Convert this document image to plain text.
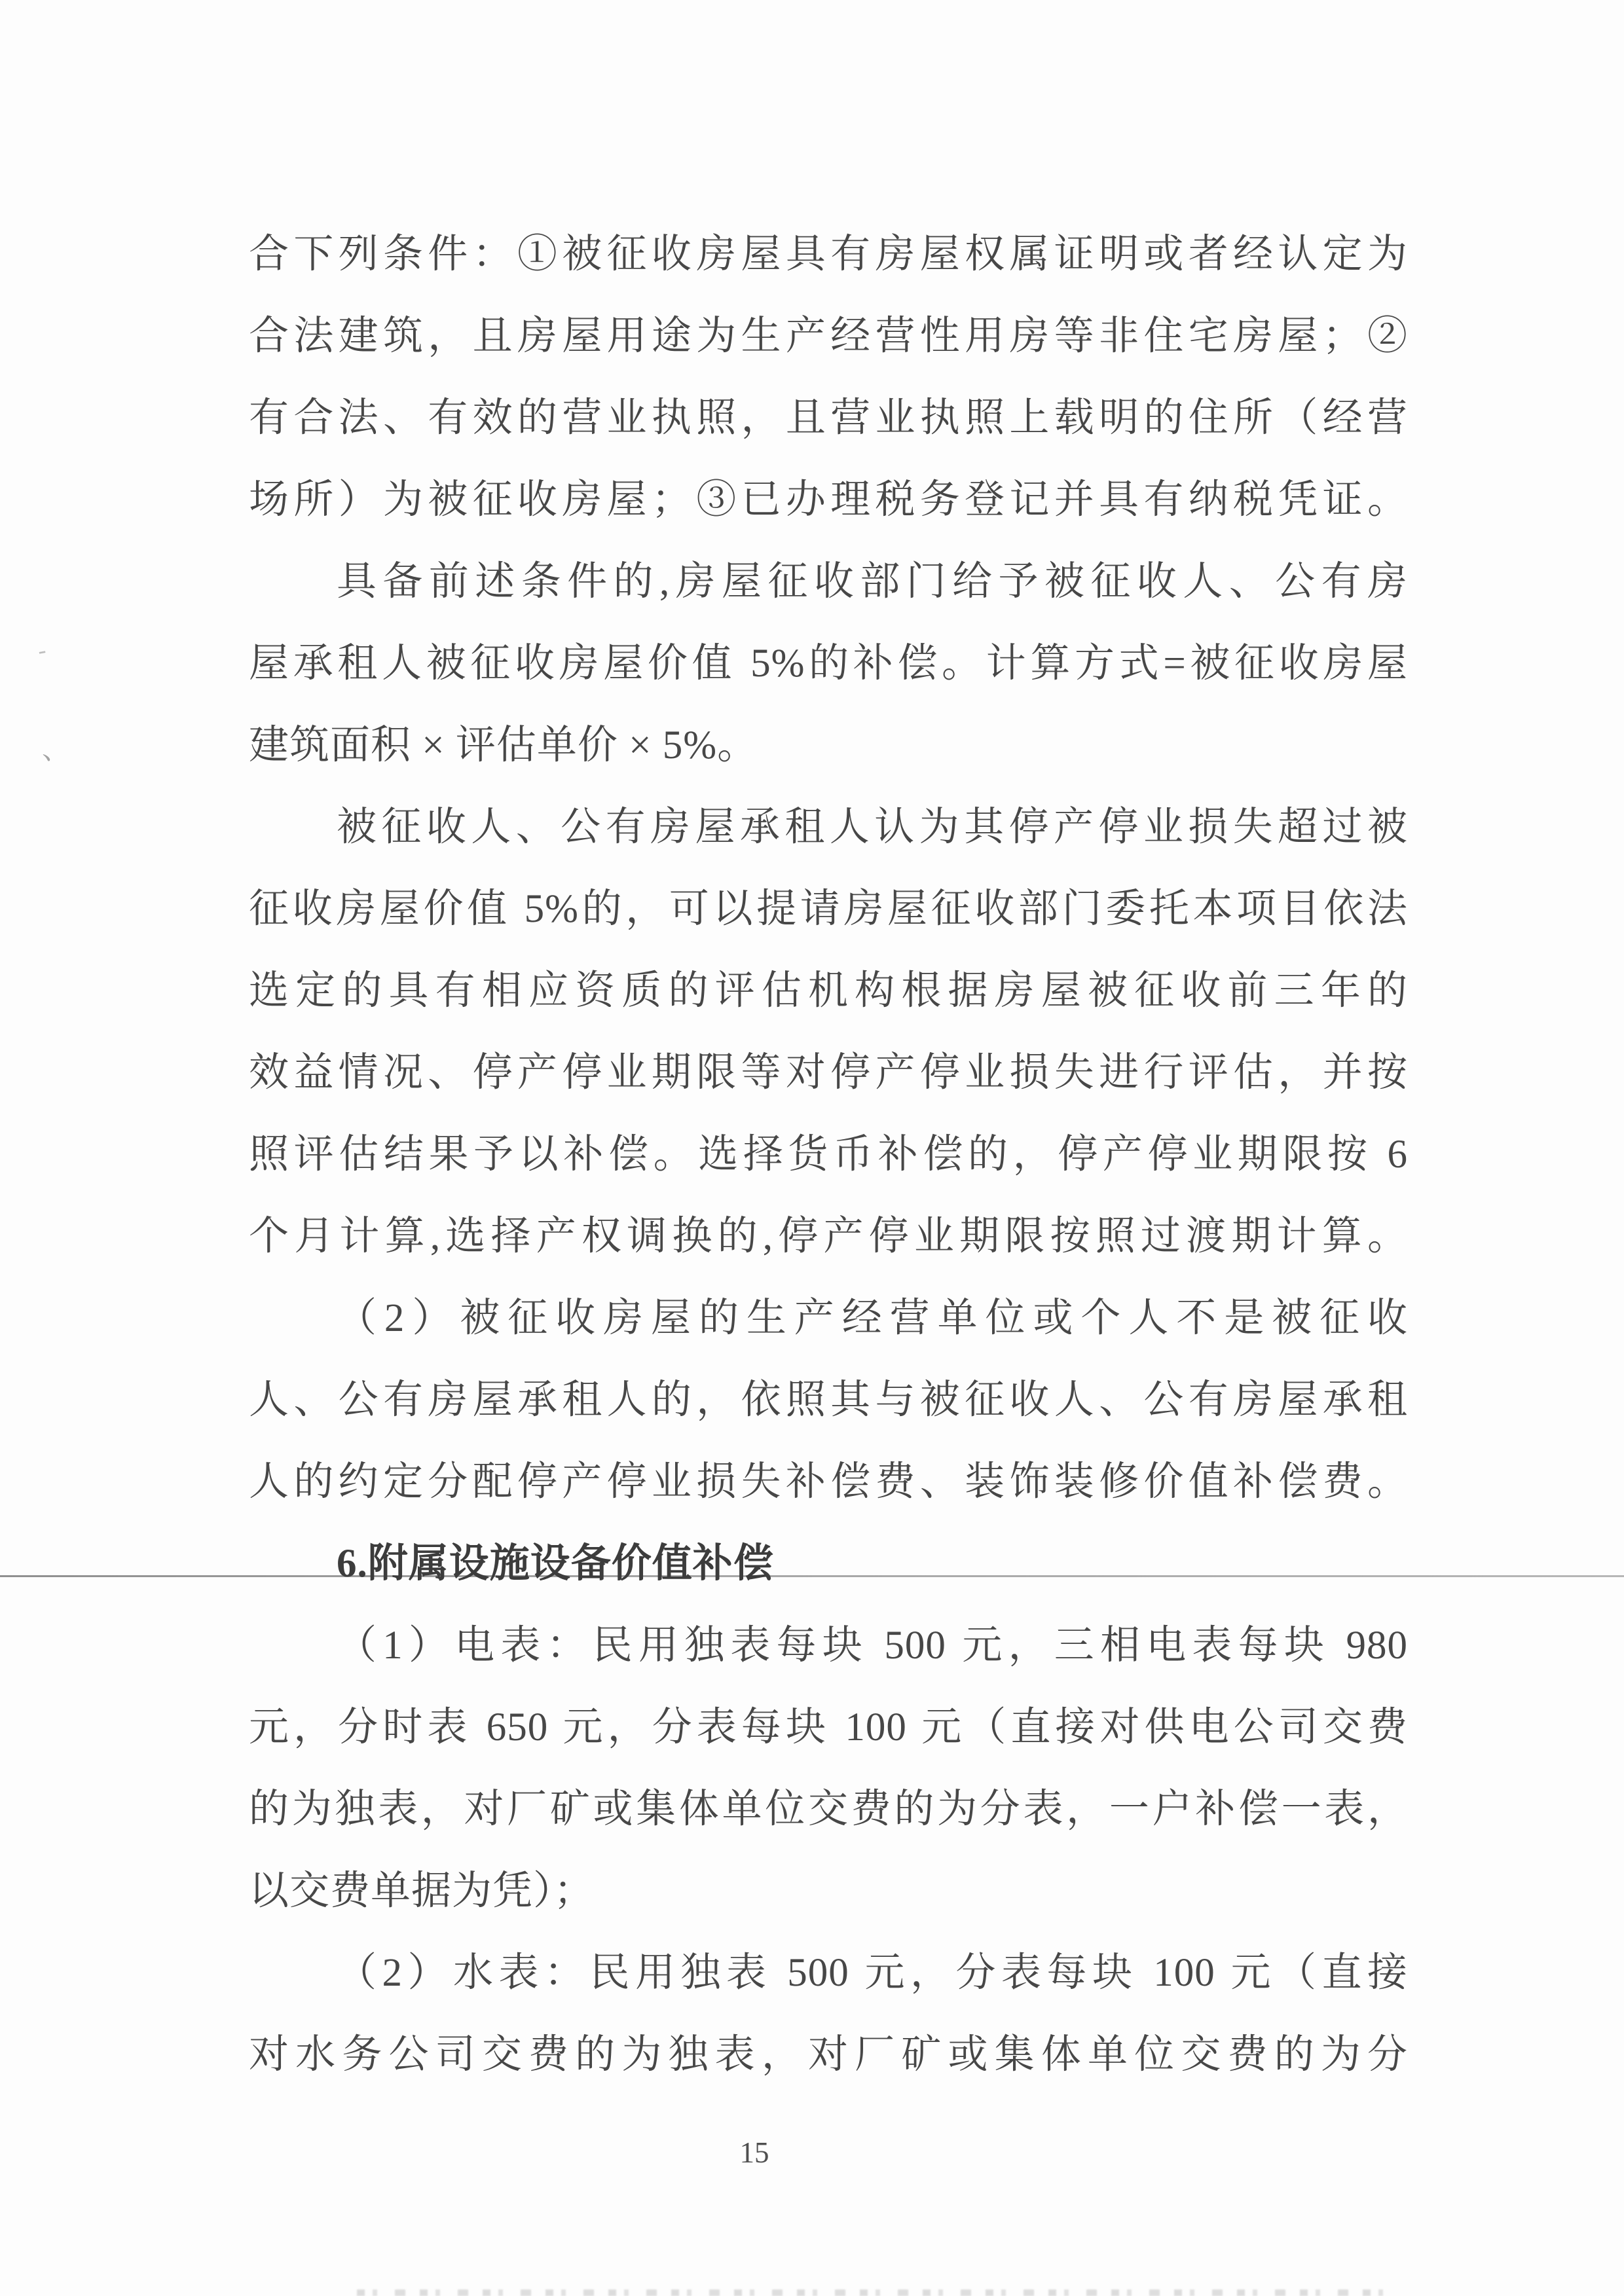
合下列条件：①被征收房屋具有房屋权属证明或者经认定为
合法建筑，且房屋用途为生产经营性用房等非住宅房屋；②
有合法、有效的营业执照，且营业执照上载明的住所（经营
场所）为被征收房屋；③已办理税务登记并具有纳税凭证。
具备前述条件的,房屋征收部门给予被征收人、公有房
屋承租人被征收房屋价值 5%的补偿。计算方式=被征收房屋
建筑面积 × 评估单价 × 5%。
被征收人、公有房屋承租人认为其停产停业损失超过被
征收房屋价值 5%的，可以提请房屋征收部门委托本项目依法
选定的具有相应资质的评估机构根据房屋被征收前三年的
效益情况、停产停业期限等对停产停业损失进行评估，并按
照评估结果予以补偿。选择货币补偿的，停产停业期限按 6
个月计算,选择产权调换的,停产停业期限按照过渡期计算。
（2）被征收房屋的生产经营单位或个人不是被征收
人、公有房屋承租人的，依照其与被征收人、公有房屋承租
人的约定分配停产停业损失补偿费、装饰装修价值补偿费。
6.附属设施设备价值补偿
（1）电表：民用独表每块 500 元，三相电表每块 980
元，分时表 650 元，分表每块 100 元（直接对供电公司交费
的为独表，对厂矿或集体单位交费的为分表，一户补偿一表，
以交费单据为凭）；
（2）水表：民用独表 500 元，分表每块 100 元（直接
对水务公司交费的为独表，对厂矿或集体单位交费的为分
-
、
15
